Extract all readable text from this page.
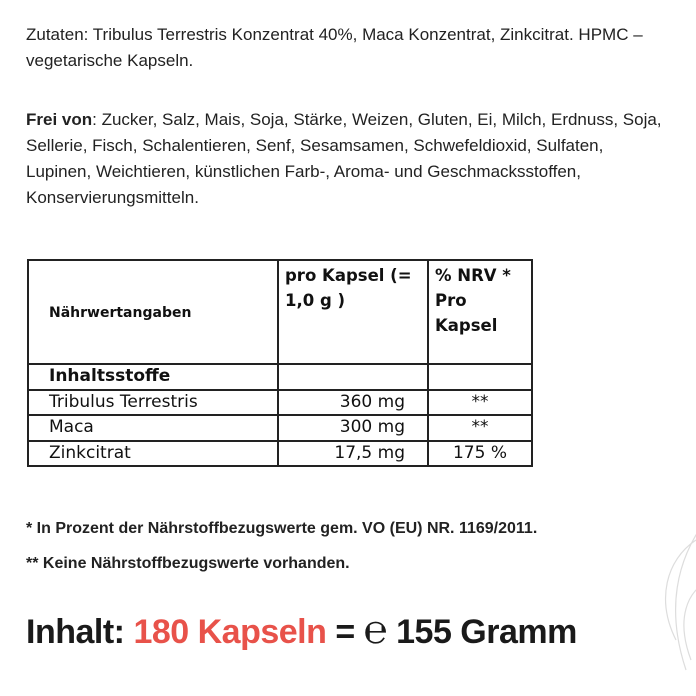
Zutaten: Tribulus Terrestris Konzentrat 40%, Maca Konzentrat, Zinkcitrat. HPMC – vegetarische Kapseln.

Frei von: Zucker, Salz, Mais, Soja, Stärke, Weizen, Gluten, Ei, Milch, Erdnuss, Soja, Sellerie, Fisch, Schalentieren, Senf, Sesamsamen, Schwefeldioxid, Sulfaten, Lupinen, Weichtieren, künstlichen Farb-, Aroma- und Geschmacksstoffen, Konservierungsmitteln.

Nährwertangaben	pro Kapsel (= 1,0 g )	% NRV * Pro Kapsel
Inhaltsstoffe		
Tribulus Terrestris	360 mg	**
Maca	300 mg	**
Zinkcitrat	17,5 mg	175 %
* In Prozent der Nährstoffbezugswerte gem. VO (EU) NR. 1169/2011.
** Keine Nährstoffbezugswerte vorhanden.
Inhalt: 180 Kapseln = ℮ 155 Gramm
